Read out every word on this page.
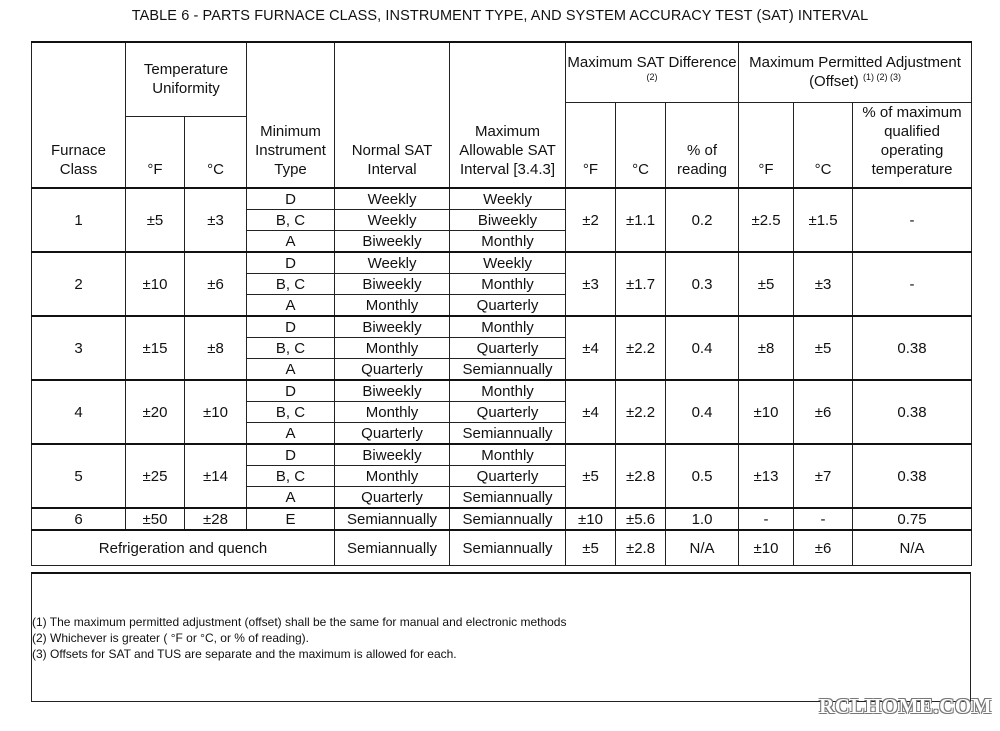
TABLE 6 - PARTS FURNACE CLASS, INSTRUMENT TYPE, AND SYSTEM ACCURACY TEST (SAT) INTERVAL
Furnace Class	Temperature Uniformity		Minimum Instrument Type	Normal SAT Interval	Maximum Allowable SAT Interval [3.4.3]	Maximum SAT Difference $^{(2)}$			Maximum Permitted Adjustment (Offset) $^{(1) (2) (3)}$
						°F	°C	% of reading	°F	°C	% of maximum qualified operating temperature
	°F	°C									
1	±5	±3	D	Weekly	Weekly	±2	±1.1	0.2	±2.5	±1.5	-
			B, C	Weekly	Biweekly						
			A	Biweekly	Monthly						
2	±10	±6	D	Weekly	Weekly	±3	±1.7	0.3	±5	±3	-
			B, C	Biweekly	Monthly						
			A	Monthly	Quarterly						
3	±15	±8	D	Biweekly	Monthly	±4	±2.2	0.4	±8	±5	0.38
			B, C	Monthly	Quarterly						
			A	Quarterly	Semiannually						
4	±20	±10	D	Biweekly	Monthly	±4	±2.2	0.4	±10	±6	0.38
			B, C	Monthly	Quarterly						
			A	Quarterly	Semiannually						
5	±25	±14	D	Biweekly	Monthly	±5	±2.8	0.5	±13	±7	0.38
			B, C	Monthly	Quarterly						
			A	Quarterly	Semiannually						
6	±50	±28	E	Semiannually	Semiannually	±10	±5.6	1.0	-	-	0.75
Refrigeration and quench				Semiannually	Semiannually	±5	±2.8	N/A	±10	±6	N/A
(1) The maximum permitted adjustment (offset) shall be the same for manual and electronic methods
(2) Whichever is greater ( °F or °C, or % of reading).
(3) Offsets for SAT and TUS are separate and the maximum is allowed for each.
RCLHOME.COM
